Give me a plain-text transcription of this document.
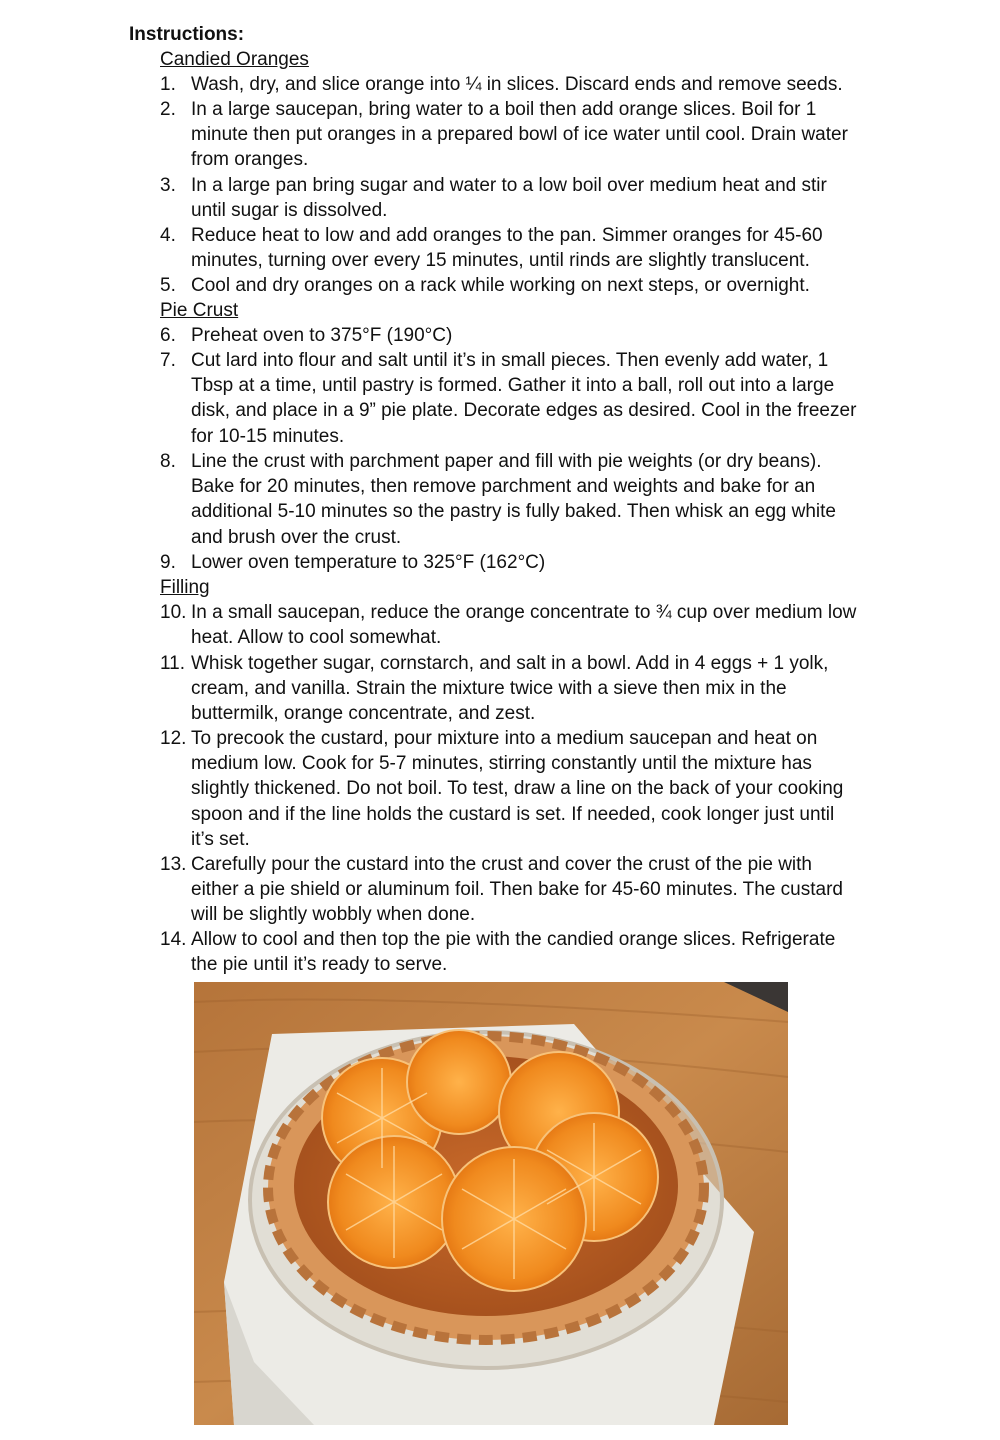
Instructions:
Candied Oranges
1. Wash, dry, and slice orange into ¼ in slices. Discard ends and remove seeds.
2. In a large saucepan, bring water to a boil then add orange slices. Boil for 1 minute then put oranges in a prepared bowl of ice water until cool. Drain water from oranges.
3. In a large pan bring sugar and water to a low boil over medium heat and stir until sugar is dissolved.
4. Reduce heat to low and add oranges to the pan. Simmer oranges for 45-60 minutes, turning over every 15 minutes, until rinds are slightly translucent.
5. Cool and dry oranges on a rack while working on next steps, or overnight.
Pie Crust
6. Preheat oven to 375°F (190°C)
7. Cut lard into flour and salt until it’s in small pieces. Then evenly add water, 1 Tbsp at a time, until pastry is formed. Gather it into a ball, roll out into a large disk, and place in a 9” pie plate. Decorate edges as desired. Cool in the freezer for 10-15 minutes.
8. Line the crust with parchment paper and fill with pie weights (or dry beans). Bake for 20 minutes, then remove parchment and weights and bake for an additional 5-10 minutes so the pastry is fully baked. Then whisk an egg white and brush over the crust.
9. Lower oven temperature to 325°F (162°C)
Filling
10. In a small saucepan, reduce the orange concentrate to ¾ cup over medium low heat. Allow to cool somewhat.
11. Whisk together sugar, cornstarch, and salt in a bowl. Add in 4 eggs + 1 yolk, cream, and vanilla. Strain the mixture twice with a sieve then mix in the buttermilk, orange concentrate, and zest.
12. To precook the custard, pour mixture into a medium saucepan and heat on medium low. Cook for 5-7 minutes, stirring constantly until the mixture has slightly thickened. Do not boil. To test, draw a line on the back of your cooking spoon and if the line holds the custard is set. If needed, cook longer just until it’s set.
13. Carefully pour the custard into the crust and cover the crust of the pie with either a pie shield or aluminum foil. Then bake for 45-60 minutes. The custard will be slightly wobbly when done.
14. Allow to cool and then top the pie with the candied orange slices. Refrigerate the pie until it’s ready to serve.
